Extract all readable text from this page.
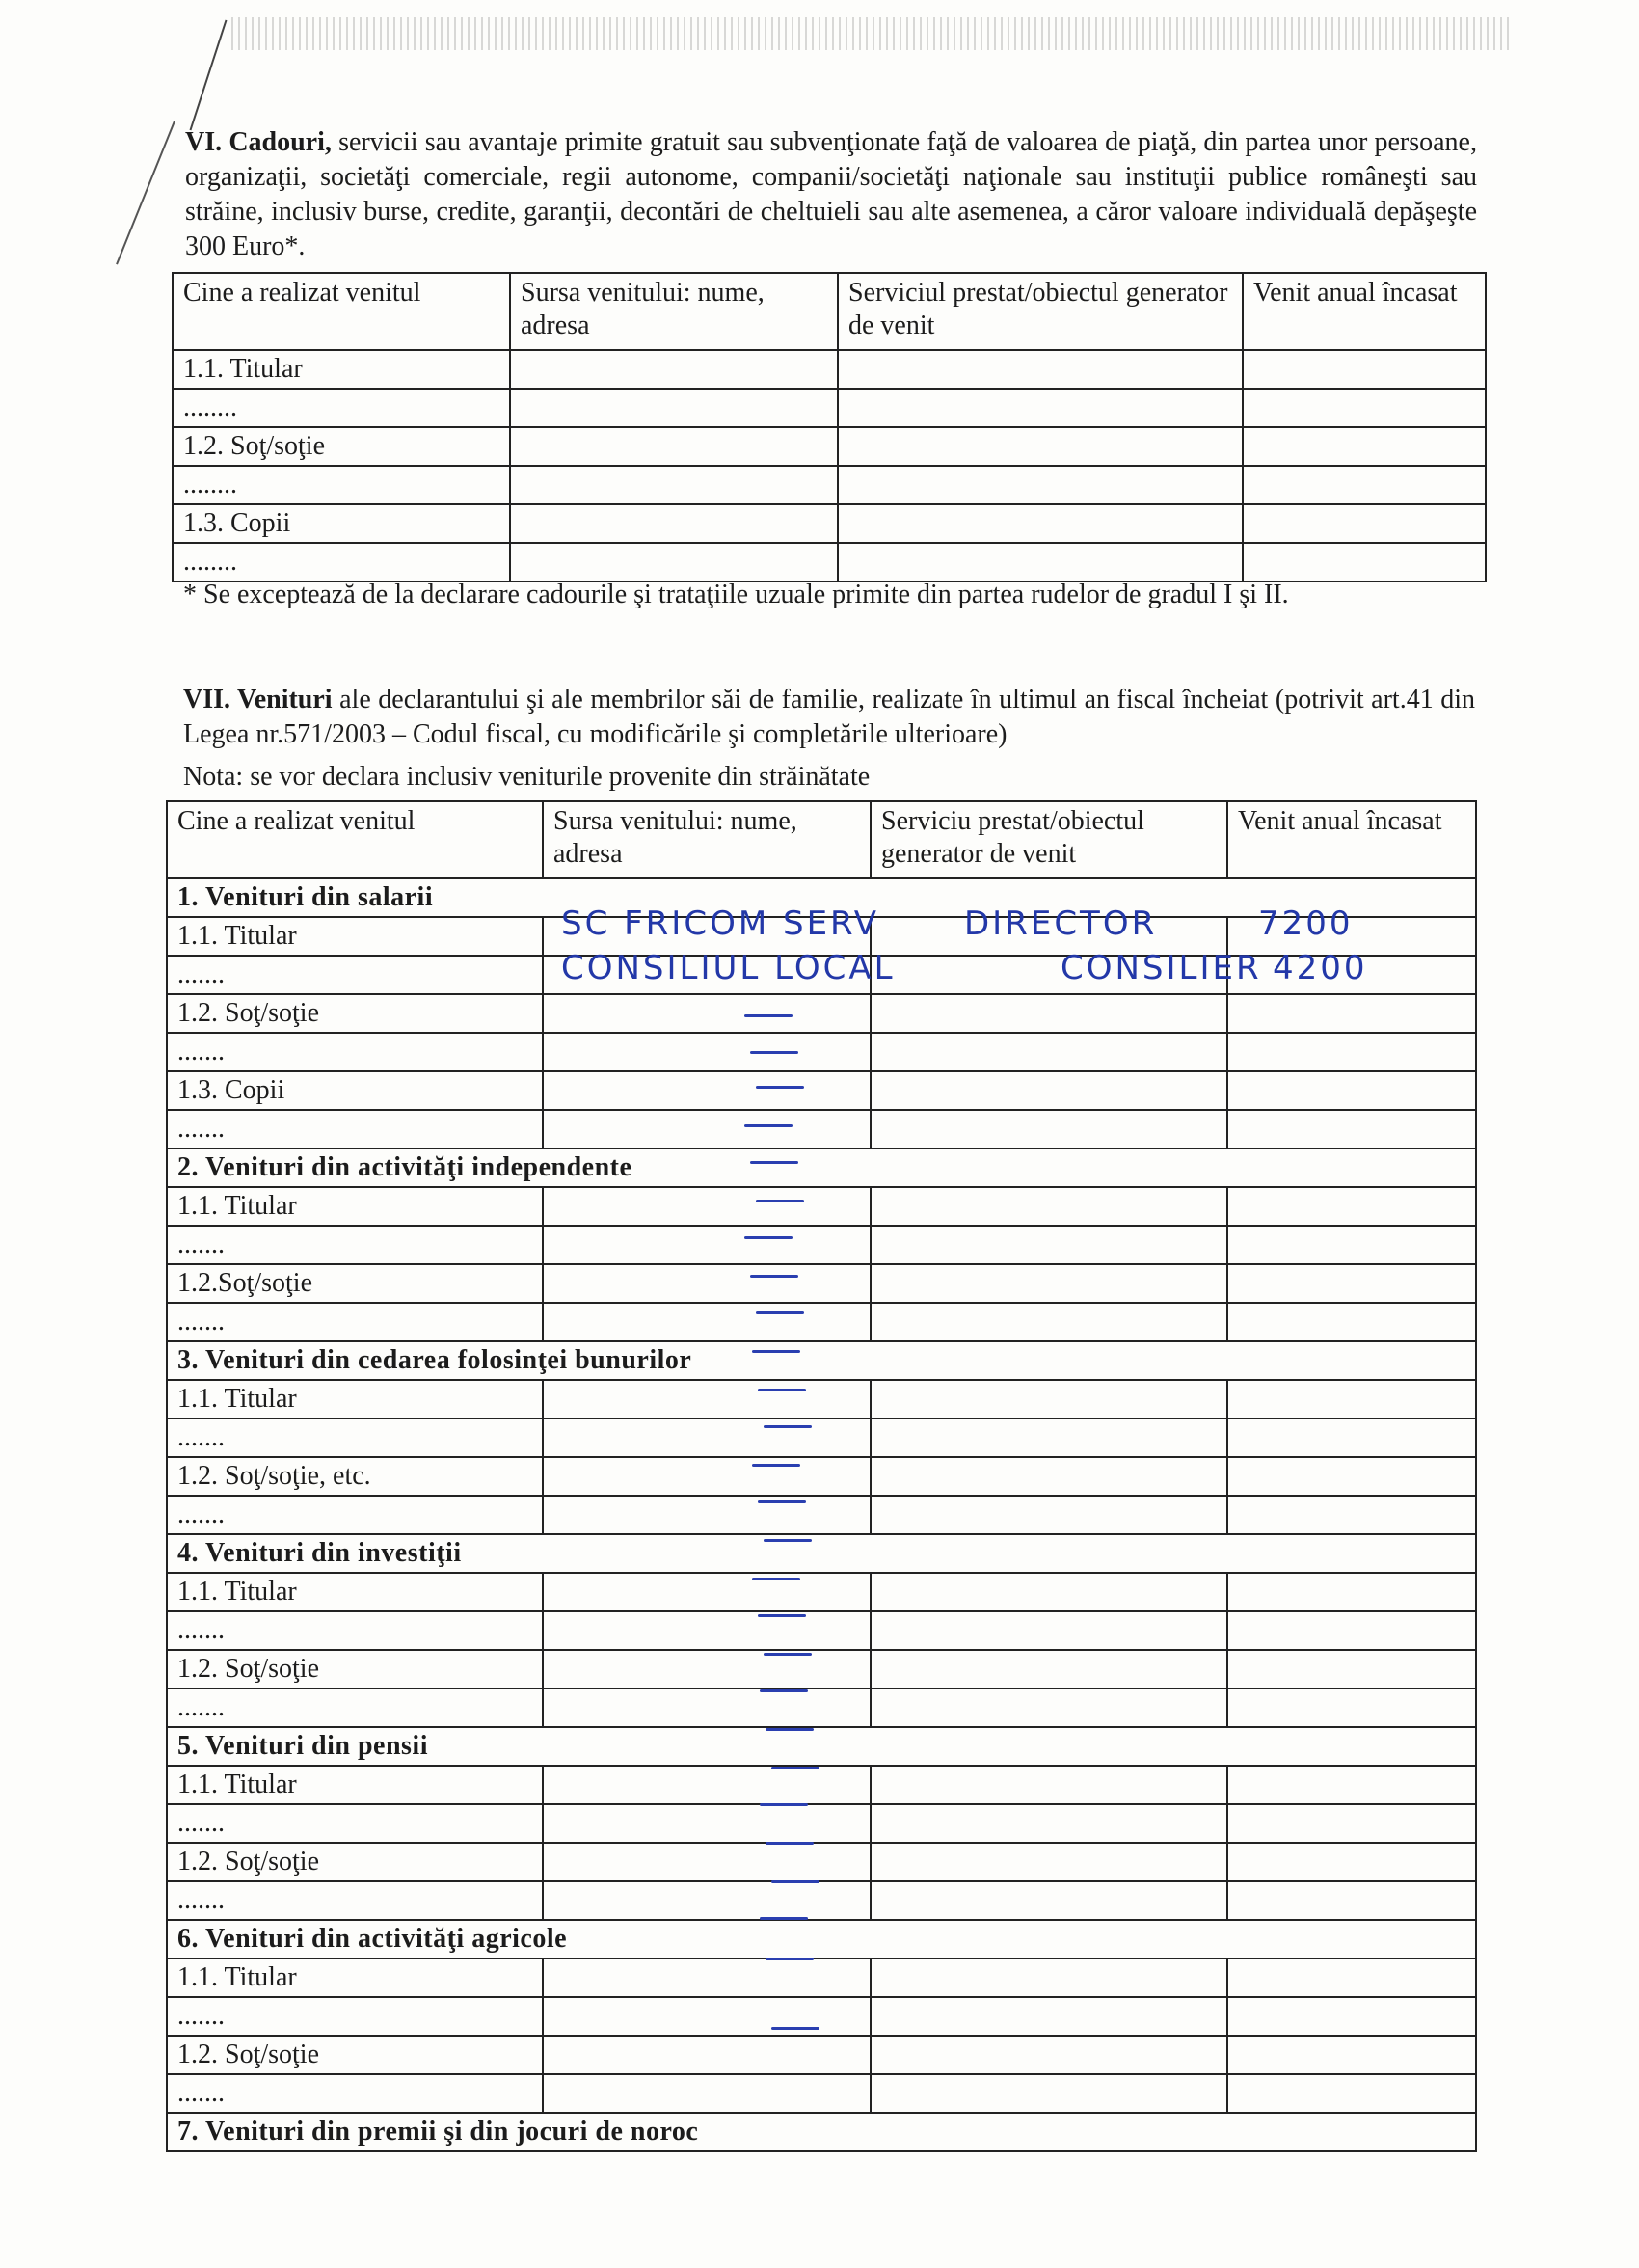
VI. Cadouri, servicii sau avantaje primite gratuit sau subvenţionate faţă de valoarea de piaţă, din partea unor persoane, organizaţii, societăţi comerciale, regii autonome, companii/societăţi naţionale sau instituţii publice româneşti sau străine, inclusiv burse, credite, garanţii, decontări de cheltuieli sau alte asemenea, a căror valoare individuală depăşeşte 300 Euro*.
Cine a realizat venitul	Sursa venitului: nume, adresa	Serviciul prestat/obiectul generator de venit	Venit anual încasat
1.1. Titular			
........			
1.2. Soţ/soţie			
........			
1.3. Copii			
........			
* Se exceptează de la declarare cadourile şi trataţiile uzuale primite din partea rudelor de gradul I şi II.
VII. Venituri ale declarantului şi ale membrilor săi de familie, realizate în ultimul an fiscal încheiat (potrivit art.41 din Legea nr.571/2003 – Codul fiscal, cu modificările şi completările ulterioare)
Nota: se vor declara inclusiv veniturile provenite din străinătate
Cine a realizat venitul	Sursa venitului: nume, adresa	Serviciu prestat/obiectul generator de venit	Venit anual încasat
1. Venituri din salarii			
1.1. Titular			
.......			
1.2. Soţ/soţie			
.......			
1.3. Copii			
.......			
2. Venituri din activităţi independente			
1.1. Titular			
.......			
1.2.Soţ/soţie			
.......			
3. Venituri din cedarea folosinţei bunurilor			
1.1. Titular			
.......			
1.2. Soţ/soţie, etc.			
.......			
4. Venituri din investiţii			
1.1. Titular			
.......			
1.2. Soţ/soţie			
.......			
5. Venituri din pensii			
1.1. Titular			
.......			
1.2. Soţ/soţie			
.......			
6. Venituri din activităţi agricole			
1.1. Titular			
.......			
1.2. Soţ/soţie			
.......			
7. Venituri din premii şi din jocuri de noroc			
SC FRICOM SERV	DIRECTOR	7200
CONSILIUL LOCAL	CONSILIER 4200
